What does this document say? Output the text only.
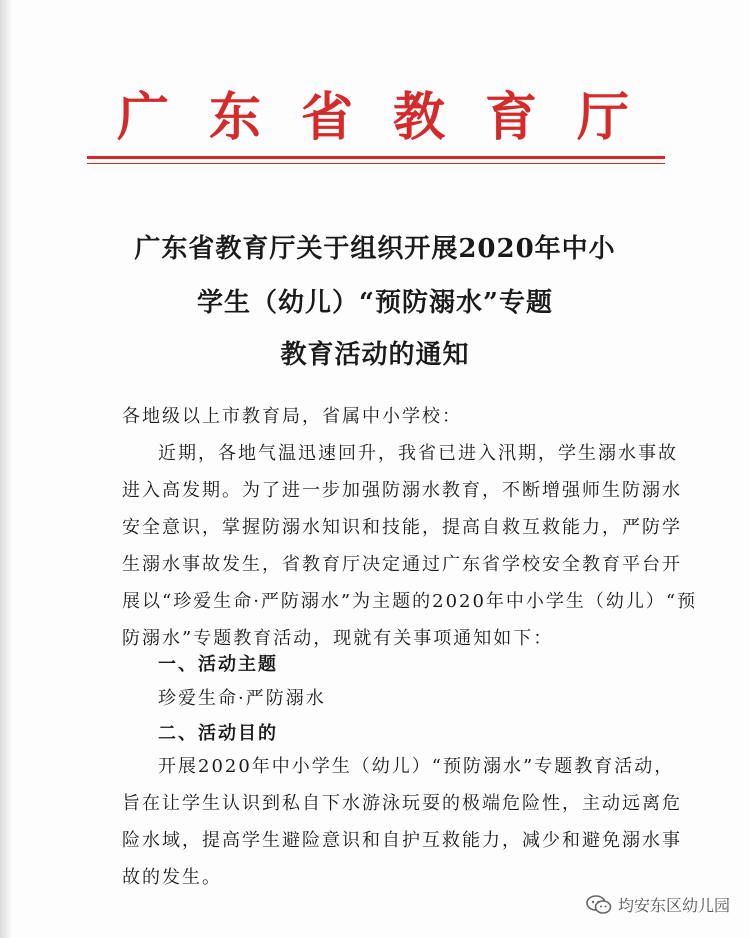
广东省教育厅
广东省教育厅关于组织开展2020年中小
学生（幼儿）“预防溺水”专题
教育活动的通知
各地级以上市教育局，省属中小学校：
近期，各地气温迅速回升，我省已进入汛期，学生溺水事故
进入高发期。为了进一步加强防溺水教育，不断增强师生防溺水
安全意识，掌握防溺水知识和技能，提高自救互救能力，严防学
生溺水事故发生，省教育厅决定通过广东省学校安全教育平台开
展以“珍爱生命·严防溺水”为主题的2020年中小学生（幼儿）“预
防溺水”专题教育活动，现就有关事项通知如下：
一、活动主题
珍爱生命·严防溺水
二、活动目的
开展2020年中小学生（幼儿）“预防溺水”专题教育活动，
旨在让学生认识到私自下水游泳玩耍的极端危险性，主动远离危
险水域，提高学生避险意识和自护互救能力，减少和避免溺水事
故的发生。
均安东区幼儿园
